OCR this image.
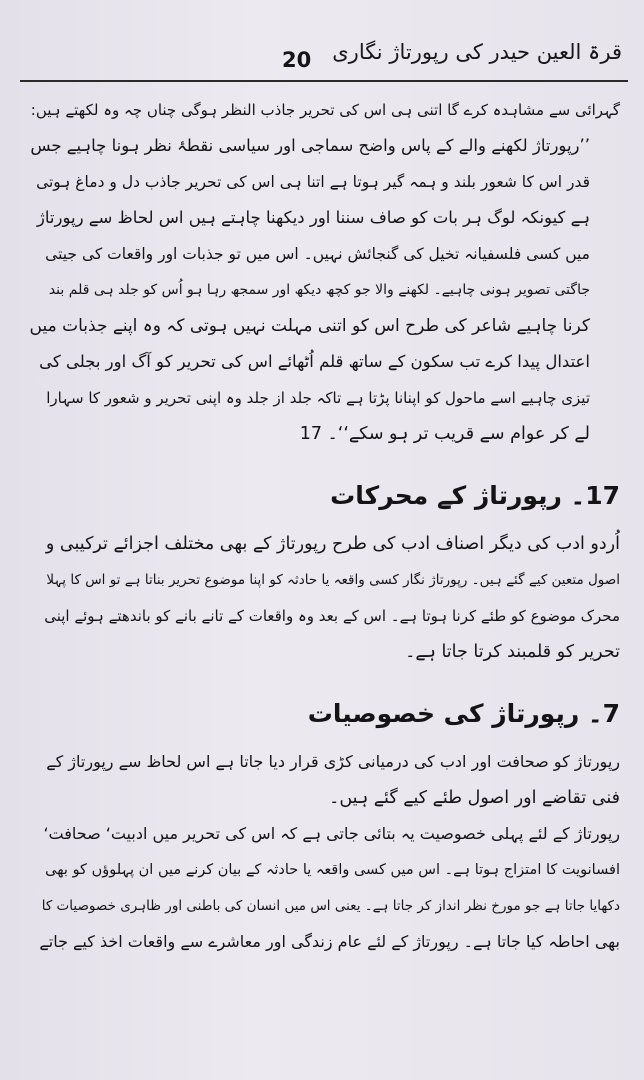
20 قرۃ العین حیدر کی رپورتاژ نگاری
گہرائی سے مشاہدہ کرے گا اتنی ہی اس کی تحریر جاذب النظر ہوگی چناں چہ وہ لکھتے ہیں:
’’رپورتاژ لکھنے والے کے پاس واضح سماجی اور سیاسی نقطۂ نظر ہونا چاہیے جس
قدر اس کا شعور بلند و ہمہ گیر ہوتا ہے اتنا ہی اس کی تحریر جاذب دل و دماغ ہوتی
ہے کیونکہ لوگ ہر بات کو صاف سننا اور دیکھنا چاہتے ہیں اس لحاظ سے رپورتاژ
میں کسی فلسفیانہ تخیل کی گنجائش نہیں۔ اس میں تو جذبات اور واقعات کی جیتی
جاگتی تصویر ہونی چاہیے۔ لکھنے والا جو کچھ دیکھ اور سمجھ رہا ہو اُس کو جلد ہی قلم بند
کرنا چاہیے شاعر کی طرح اس کو اتنی مہلت نہیں ہوتی کہ وہ اپنے جذبات میں
اعتدال پیدا کرے تب سکون کے ساتھ قلم اُٹھائے اس کی تحریر کو آگ اور بجلی کی
تیزی چاہیے اسے ماحول کو اپنانا پڑتا ہے تاکہ جلد از جلد وہ اپنی تحریر و شعور کا سہارا
لے کر عوام سے قریب تر ہو سکے‘‘۔ 17
17۔ رپورتاژ کے محرکات
اُردو ادب کی دیگر اصناف ادب کی طرح رپورتاژ کے بھی مختلف اجزائے ترکیبی و
اصول متعین کیے گئے ہیں۔ رپورتاژ نگار کسی واقعہ یا حادثہ کو اپنا موضوع تحریر بناتا ہے تو اس کا پہلا
محرک موضوع کو طئے کرنا ہوتا ہے۔ اس کے بعد وہ واقعات کے تانے بانے کو باندھتے ہوئے اپنی
تحریر کو قلمبند کرتا جاتا ہے۔
7۔ رپورتاژ کی خصوصیات
رپورتاژ کو صحافت اور ادب کی درمیانی کڑی قرار دیا جاتا ہے اس لحاظ سے رپورتاژ کے
فنی تقاضے اور اصول طئے کیے گئے ہیں۔
رپورتاژ کے لئے پہلی خصوصیت یہ بتائی جاتی ہے کہ اس کی تحریر میں ادبیت‘ صحافت‘
افسانویت کا امتزاج ہوتا ہے۔ اس میں کسی واقعہ یا حادثہ کے بیان کرنے میں ان پہلوؤں کو بھی
دکھایا جاتا ہے جو مورخ نظر انداز کر جاتا ہے۔ یعنی اس میں انسان کی باطنی اور ظاہری خصوصیات کا
بھی احاطہ کیا جاتا ہے۔ رپورتاژ کے لئے عام زندگی اور معاشرے سے واقعات اخذ کیے جاتے
